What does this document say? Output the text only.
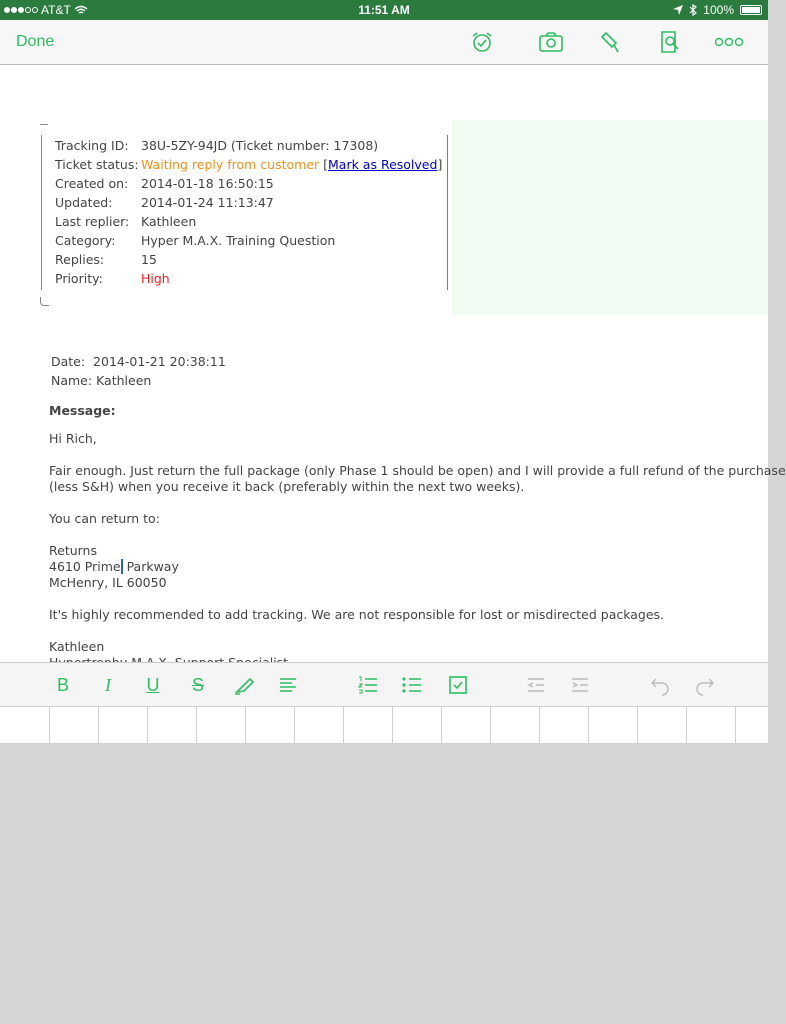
AT&T	11:51 AM	100%
Done
Tracking ID: 38U-5ZY-94JD (Ticket number: 17308)
Ticket status: Waiting reply from customer [Mark as Resolved]
Created on: 2014-01-18 16:50:15
Updated: 2014-01-24 11:13:47
Last replier: Kathleen
Category: Hyper M.A.X. Training Question
Replies:	15
Priority:	High
Date: 2014-01-21 20:38:11
Name: Kathleen
Message:
Hi Rich,
Fair enough. Just return the full package (only Phase 1 should be open) and I will provide a full refund of the purchase
(less S&H) when you receive it back (preferably within the next two weeks).
You can return to:
Returns
4610 Prime Parkway
McHenry, IL 60050
It's highly recommended to add tracking. We are not responsible for lost or misdirected packages.
Kathleen
B	I	U	S
